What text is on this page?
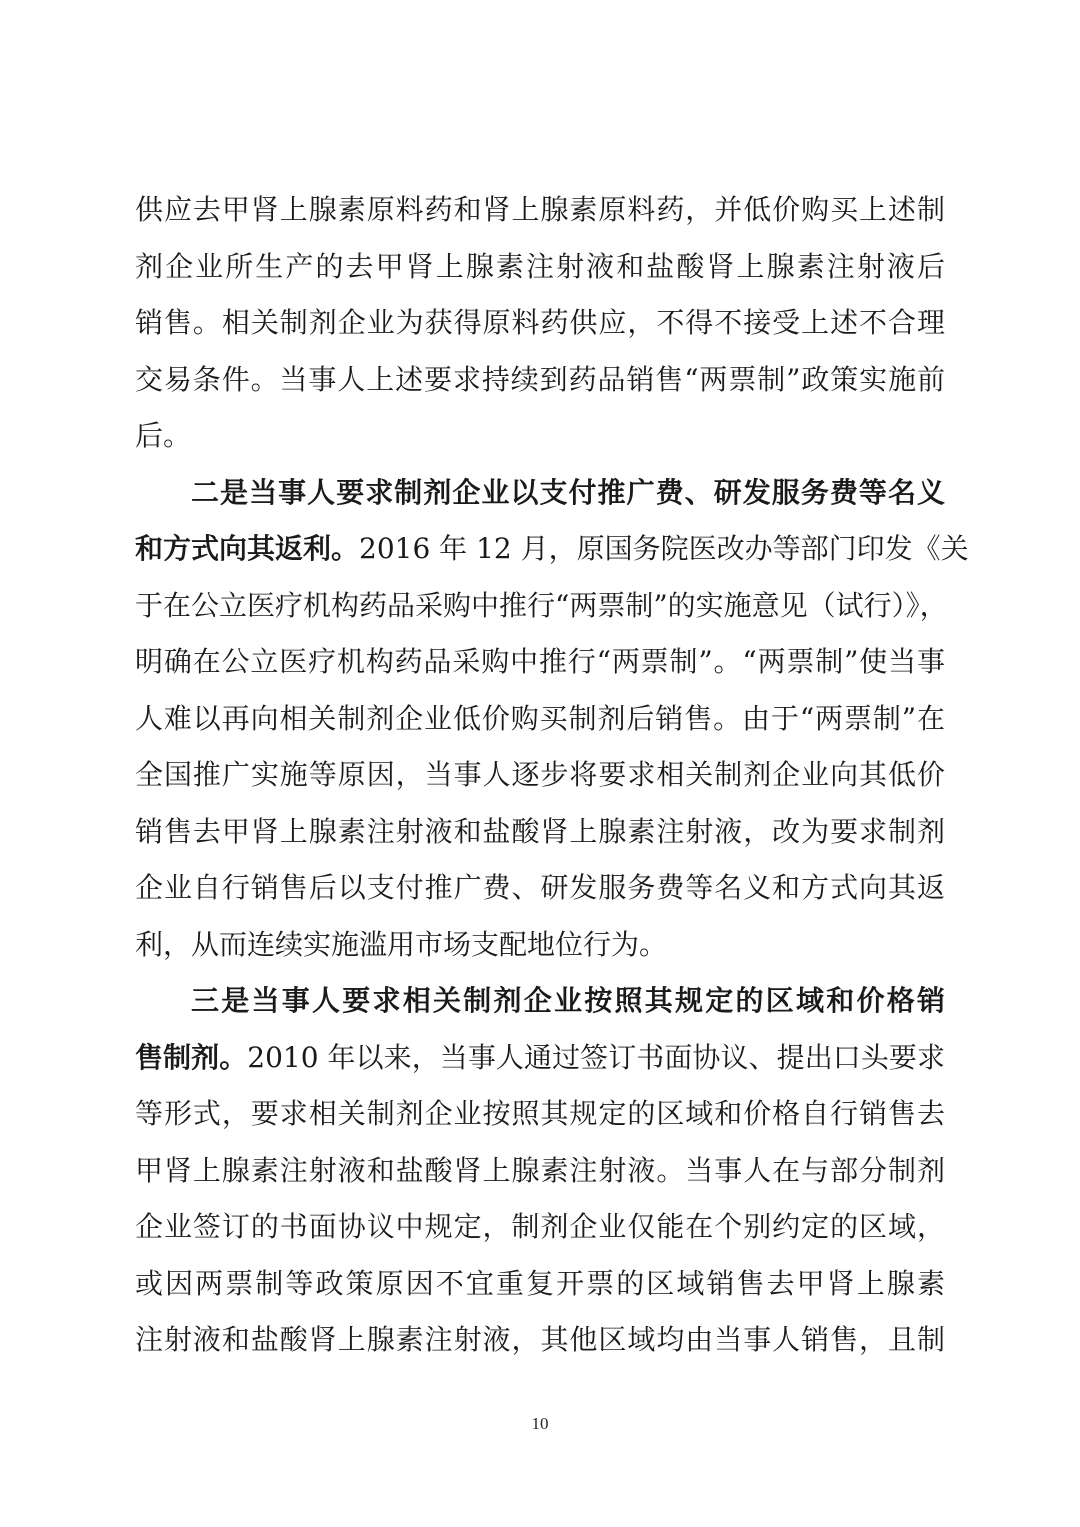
供应去甲肾上腺素原料药和肾上腺素原料药，并低价购买上述制
剂企业所生产的去甲肾上腺素注射液和盐酸肾上腺素注射液后
销售。相关制剂企业为获得原料药供应，不得不接受上述不合理
交易条件。当事人上述要求持续到药品销售“两票制”政策实施前
后。
二是当事人要求制剂企业以支付推广费、研发服务费等名义
和方式向其返利。2016 年 12 月，原国务院医改办等部门印发《关
于在公立医疗机构药品采购中推行“两票制”的实施意见（试行）》，
明确在公立医疗机构药品采购中推行“两票制”。“两票制”使当事
人难以再向相关制剂企业低价购买制剂后销售。由于“两票制”在
全国推广实施等原因，当事人逐步将要求相关制剂企业向其低价
销售去甲肾上腺素注射液和盐酸肾上腺素注射液，改为要求制剂
企业自行销售后以支付推广费、研发服务费等名义和方式向其返
利，从而连续实施滥用市场支配地位行为。
三是当事人要求相关制剂企业按照其规定的区域和价格销
售制剂。2010 年以来，当事人通过签订书面协议、提出口头要求
等形式，要求相关制剂企业按照其规定的区域和价格自行销售去
甲肾上腺素注射液和盐酸肾上腺素注射液。当事人在与部分制剂
企业签订的书面协议中规定，制剂企业仅能在个别约定的区域，
或因两票制等政策原因不宜重复开票的区域销售去甲肾上腺素
注射液和盐酸肾上腺素注射液，其他区域均由当事人销售，且制
10
